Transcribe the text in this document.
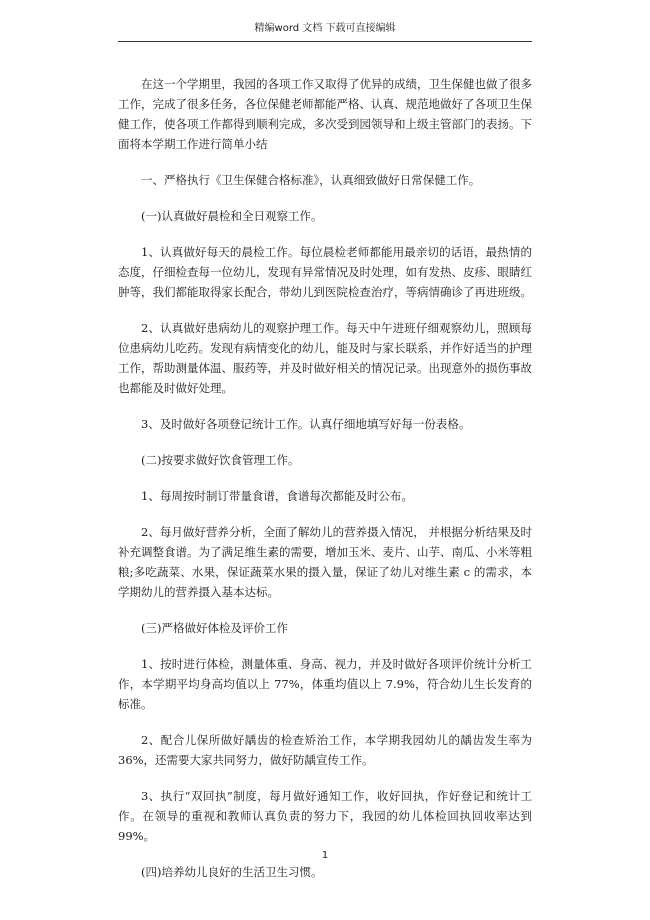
精编word 文档 下载可直接编辑

在这一个学期里，我园的各项工作又取得了优异的成绩，卫生保健也做了很多工作，完成了很多任务，各位保健老师都能严格、认真、规范地做好了各项卫生保健工作，使各项工作都得到顺利完成，多次受到园领导和上级主管部门的表扬。下面将本学期工作进行简单小结

一、严格执行《卫生保健合格标准》，认真细致做好日常保健工作。

(一)认真做好晨检和全日观察工作。

1、认真做好每天的晨检工作。每位晨检老师都能用最亲切的话语，最热情的态度，仔细检查每一位幼儿，发现有异常情况及时处理，如有发热、皮疹、眼睛红肿等，我们都能取得家长配合，带幼儿到医院检查治疗，等病情确诊了再进班级。

2、认真做好患病幼儿的观察护理工作。每天中午进班仔细观察幼儿，照顾每位患病幼儿吃药。发现有病情变化的幼儿，能及时与家长联系，并作好适当的护理工作，帮助测量体温、服药等，并及时做好相关的情况记录。出现意外的损伤事故也都能及时做好处理。

3、及时做好各项登记统计工作。认真仔细地填写好每一份表格。

(二)按要求做好饮食管理工作。

1、每周按时制订带量食谱，食谱每次都能及时公布。

2、每月做好营养分析，全面了解幼儿的营养摄入情况， 并根据分析结果及时补充调整食谱。为了满足维生素的需要，增加玉米、麦片、山芋、南瓜、小米等粗粮;多吃蔬菜、水果，保证蔬菜水果的摄入量，保证了幼儿对维生素 c 的需求，本学期幼儿的营养摄入基本达标。

(三)严格做好体检及评价工作

1、按时进行体检，测量体重、身高、视力，并及时做好各项评价统计分析工作，本学期平均身高均值以上 77%，体重均值以上 7.9%，符合幼儿生长发育的标准。

2、配合儿保所做好龋齿的检查矫治工作，本学期我园幼儿的龋齿发生率为36%，还需要大家共同努力，做好防龋宣传工作。

3、执行“双回执”制度，每月做好通知工作，收好回执，作好登记和统计工作。在领导的重视和教师认真负责的努力下，我园的幼儿体检回执回收率达到 99%。

(四)培养幼儿良好的生活卫生习惯。

1
